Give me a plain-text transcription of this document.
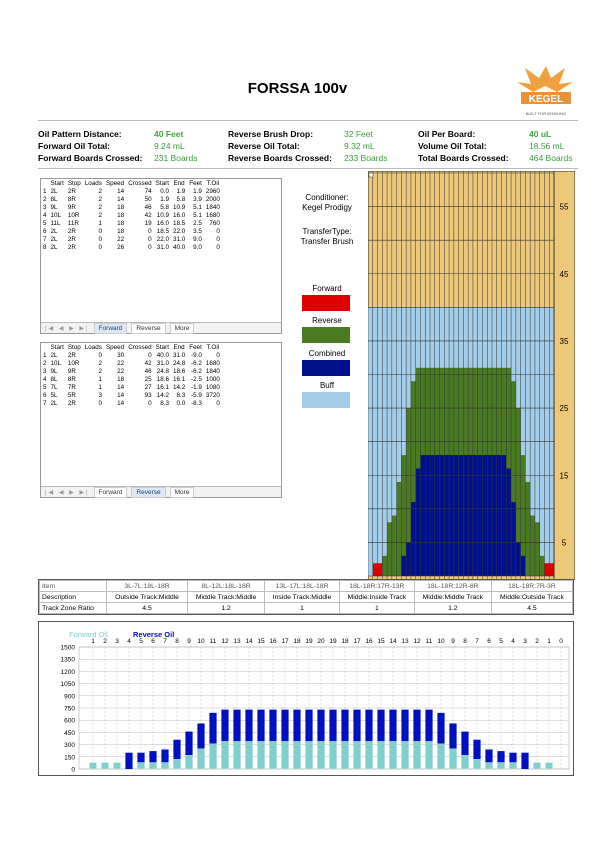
FORSSA 100v
KEGEL
BUILT FOR BOWLING
Oil Pattern Distance:	40 Feet
Forward Oil Total:	9.24 mL
Forward Boards Crossed: 231 Boards
Reverse Brush Drop:	32 Feet
Reverse Oil Total:	9.32 mL
Reverse Boards Crossed: 233 Boards
Oil Per Board:	40 uL
Volume Oil Total:	18.56 mL
Total Boards Crossed: 464 Boards
	Start	Stop	Loads	Speed	Crossed	Start	End	Feet	T.Oil
1	2L	2R	2	14	74	0.0	1.9	1.9	2960
2	8L	8R	2	14	50	1.9	5.8	3.9	2000
3	9L	9R	2	18	46	5.8	10.9	5.1	1840
4	10L	10R	2	18	42	10.9	16.0	5.1	1680
5	11L	11R	1	18	19	16.0	18.5	2.5	760
6	2L	2R	0	18	0	18.5	22.0	3.5	0
7	2L	2R	0	22	0	22.0	31.0	9.0	0
8	2L	2R	0	26	0	31.0	40.0	9.0	0
|◀ ◀ ▶ ▶|	Forward	Reverse	More
	Start	Stop	Loads	Speed	Crossed	Start	End	Feet	T.Oil
1	2L	2R	0	30	0	40.0	31.0	-9.0	0
2	10L	10R	2	22	42	31.0	24.8	-6.2	1680
3	9L	9R	2	22	46	24.8	18.6	-6.2	1840
4	8L	8R	1	18	25	18.6	16.1	-2.5	1000
5	7L	7R	1	14	27	16.1	14.2	-1.9	1080
6	5L	5R	3	14	93	14.2	8.3	-5.9	3720
7	2L	2R	0	14	0	8.3	0.0	-8.3	0
|◀ ◀ ▶ ▶|	Forward	Reverse	More
Conditioner:
Kegel Prodigy
TransferType:
Transfer Brush
Forward
Reverse
Combined
Buff
55
45
35
25
15
5
Item	3L-7L:18L-18R	8L-12L:18L-18R	13L-17L:18L-18R	18L-18R:17R-13R	18L-18R:12R-8R	18L-18R:7R-3R
Description	Outside Track:Middle	Middle Track:Middle	Inside Track:Middle	Middle:Inside Track	Middle:Middle Track	Middle:Outside Track
Track Zone Ratio	4.5	1.2	1	1	1.2	4.5
0
150
300
450
600
750
900
1050
1200
1350
1500
1 2 3 4 5 6 7 8 9 10 11 12 13 14 15 16 17 18 19 20 19 18 17 16 15 14 13 12 11 10 9 8 7 6 5 4 3 2 1 0
Forward Oil	Reverse Oil
